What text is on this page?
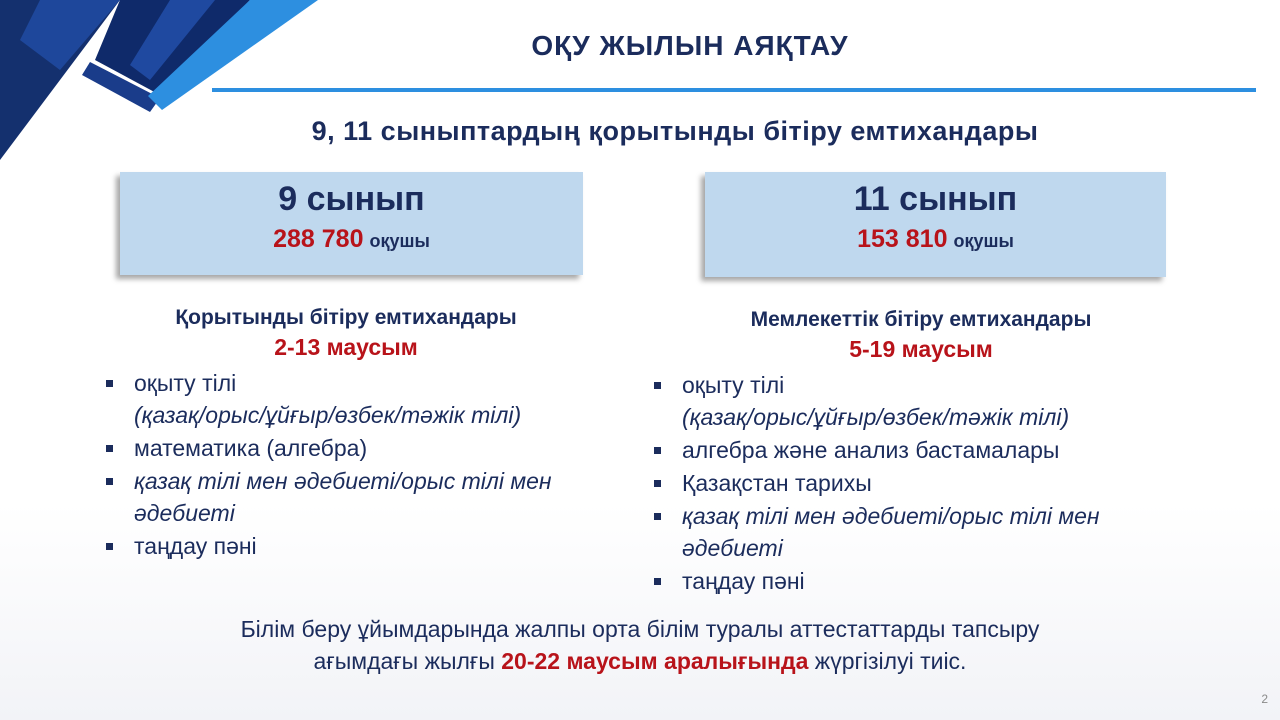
ОҚУ ЖЫЛЫН АЯҚТАУ
9, 11 сыныптардың қорытынды бітіру емтихандары
9 сынып
288 780 оқушы
11 сынып
153 810 оқушы
Қорытынды бітіру емтихандары
2-13 маусым
Мемлекеттік бітіру емтихандары
5-19 маусым
оқыту тілі
(қазақ/орыс/ұйғыр/өзбек/тәжік тілі)
математика (алгебра)
қазақ тілі мен әдебиеті/орыс тілі мен әдебиеті
таңдау пәні
оқыту тілі
(қазақ/орыс/ұйғыр/өзбек/тәжік тілі)
алгебра және анализ бастамалары
Қазақстан тарихы
қазақ тілі мен әдебиеті/орыс тілі мен әдебиеті
таңдау пәні
Білім беру ұйымдарында жалпы орта білім туралы аттестаттарды тапсыру
ағымдағы жылғы 20-22 маусым аралығында жүргізілуі тиіс.
2
